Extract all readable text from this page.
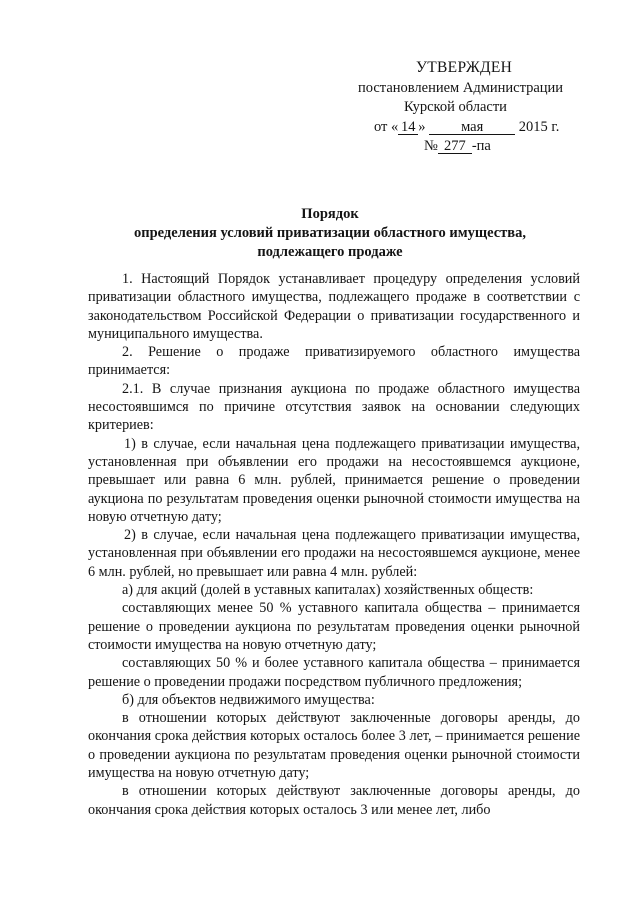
УТВЕРЖДЕН
постановлением Администрации
Курской области
от « 14 » мая 2015 г.
№ 277 -па
Порядок
определения условий приватизации областного имущества,
подлежащего продаже

1. Настоящий Порядок устанавливает процедуру определения условий приватизации областного имущества, подлежащего продаже в соответствии с законодательством Российской Федерации о приватизации государственного и муниципального имущества.

2. Решение о продаже приватизируемого областного имущества принимается:

2.1. В случае признания аукциона по продаже областного имущества несостоявшимся по причине отсутствия заявок на основании следующих критериев:

1) в случае, если начальная цена подлежащего приватизации имущества, установленная при объявлении его продажи на несостоявшемся аукционе, превышает или равна 6 млн. рублей, принимается решение о проведении аукциона по результатам проведения оценки рыночной стоимости имущества на новую отчетную дату;

2) в случае, если начальная цена подлежащего приватизации имущества, установленная при объявлении его продажи на несостоявшемся аукционе, менее 6 млн. рублей, но превышает или равна 4 млн. рублей:

а) для акций (долей в уставных капиталах) хозяйственных обществ:

составляющих менее 50 % уставного капитала общества – принимается решение о проведении аукциона по результатам проведения оценки рыночной стоимости имущества на новую отчетную дату;

составляющих 50 % и более уставного капитала общества – принимается решение о проведении продажи посредством публичного предложения;

б) для объектов недвижимого имущества:

в отношении которых действуют заключенные договоры аренды, до окончания срока действия которых осталось более 3 лет, – принимается решение о проведении аукциона по результатам проведения оценки рыночной стоимости имущества на новую отчетную дату;

в отношении которых действуют заключенные договоры аренды, до окончания срока действия которых осталось 3 или менее лет, либо
